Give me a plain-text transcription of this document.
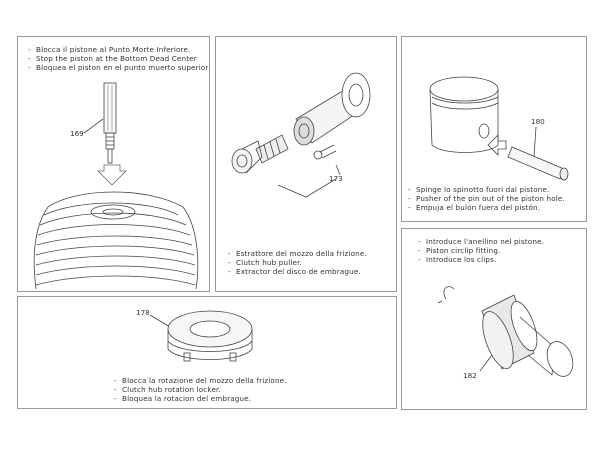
- Blocca il pistone al Punto Morte Inferiore.
- Stop the piston at the Bottom Dead Center
- Bloquea el piston en el punto muerto superior
169
173
- Estrattore del mozzo della frizione.
- Clutch hub puller.
- Extractor del disco de embrague.
180
- Spinge lo spinotto fuori dal pistone.
- Pusher of the pin out of the piston hole.
- Empuja el bulón fuera del pistón.
178
- Blocca la rotazione del mozzo della frizione.
- Clutch hub rotation locker.
- Bloquea la rotacion del embrague.
- Introduce l'anellino nel pistone.
- Piston circlip fitting.
- Introduce los clips.
182
